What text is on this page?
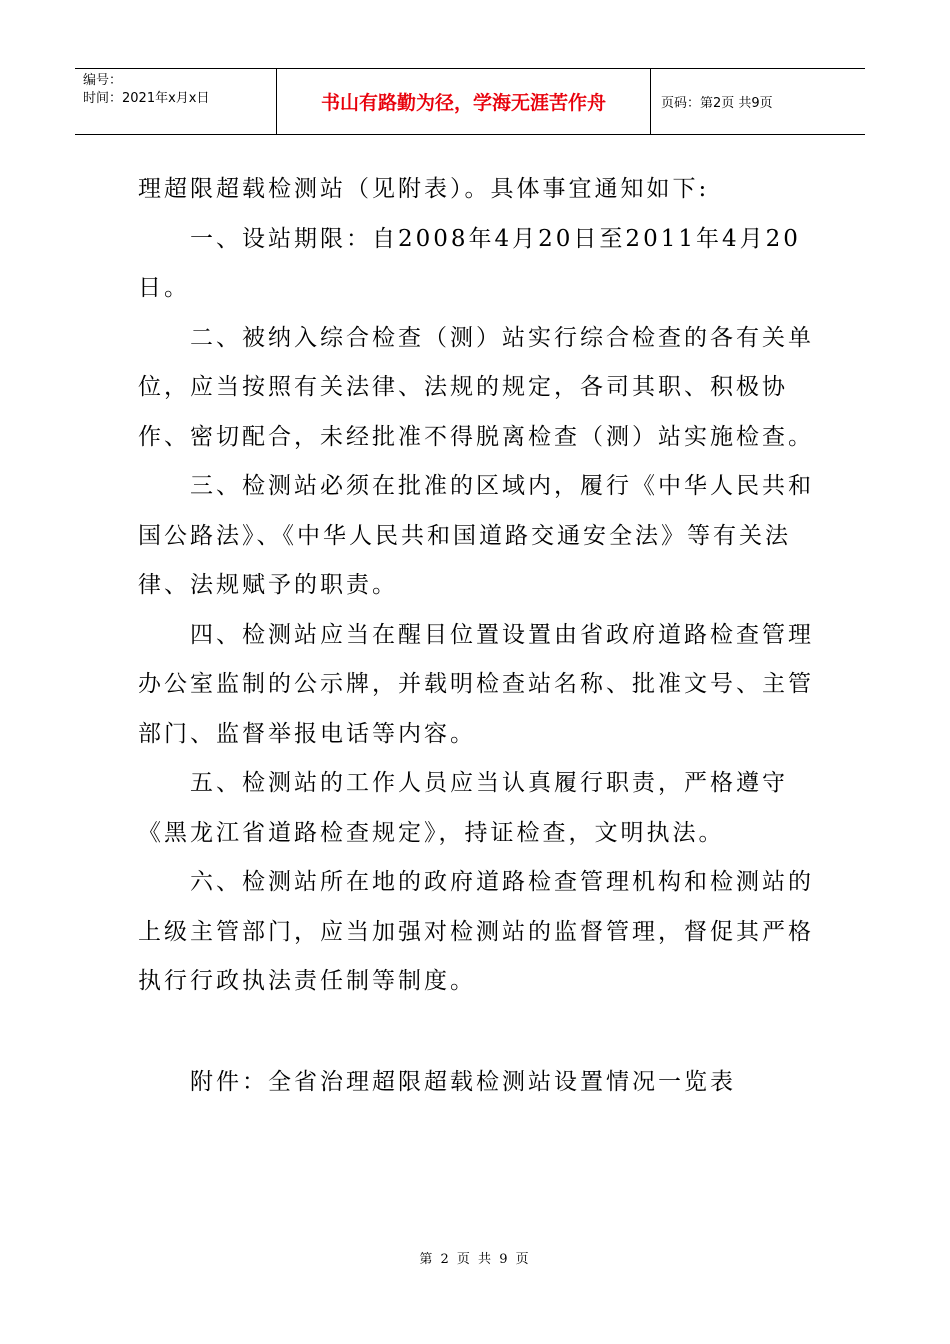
编号：
时间：2021年x月x日	书山有路勤为径，学海无涯苦作舟	页码：第2页 共9页

理超限超载检测站（见附表）。具体事宜通知如下:

一、设站期限：自2008年4月20日至2011年4月20日。

二、被纳入综合检查（测）站实行综合检查的各有关单位，应当按照有关法律、法规的规定，各司其职、积极协作、密切配合，未经批准不得脱离检查（测）站实施检查。

三、检测站必须在批准的区域内，履行《中华人民共和国公路法》、《中华人民共和国道路交通安全法》等有关法律、法规赋予的职责。

四、检测站应当在醒目位置设置由省政府道路检查管理办公室监制的公示牌，并载明检查站名称、批准文号、主管部门、监督举报电话等内容。

五、检测站的工作人员应当认真履行职责，严格遵守《黑龙江省道路检查规定》，持证检查，文明执法。

六、检测站所在地的政府道路检查管理机构和检测站的上级主管部门，应当加强对检测站的监督管理，督促其严格执行行政执法责任制等制度。

附件：全省治理超限超载检测站设置情况一览表
第 2 页 共 9 页
